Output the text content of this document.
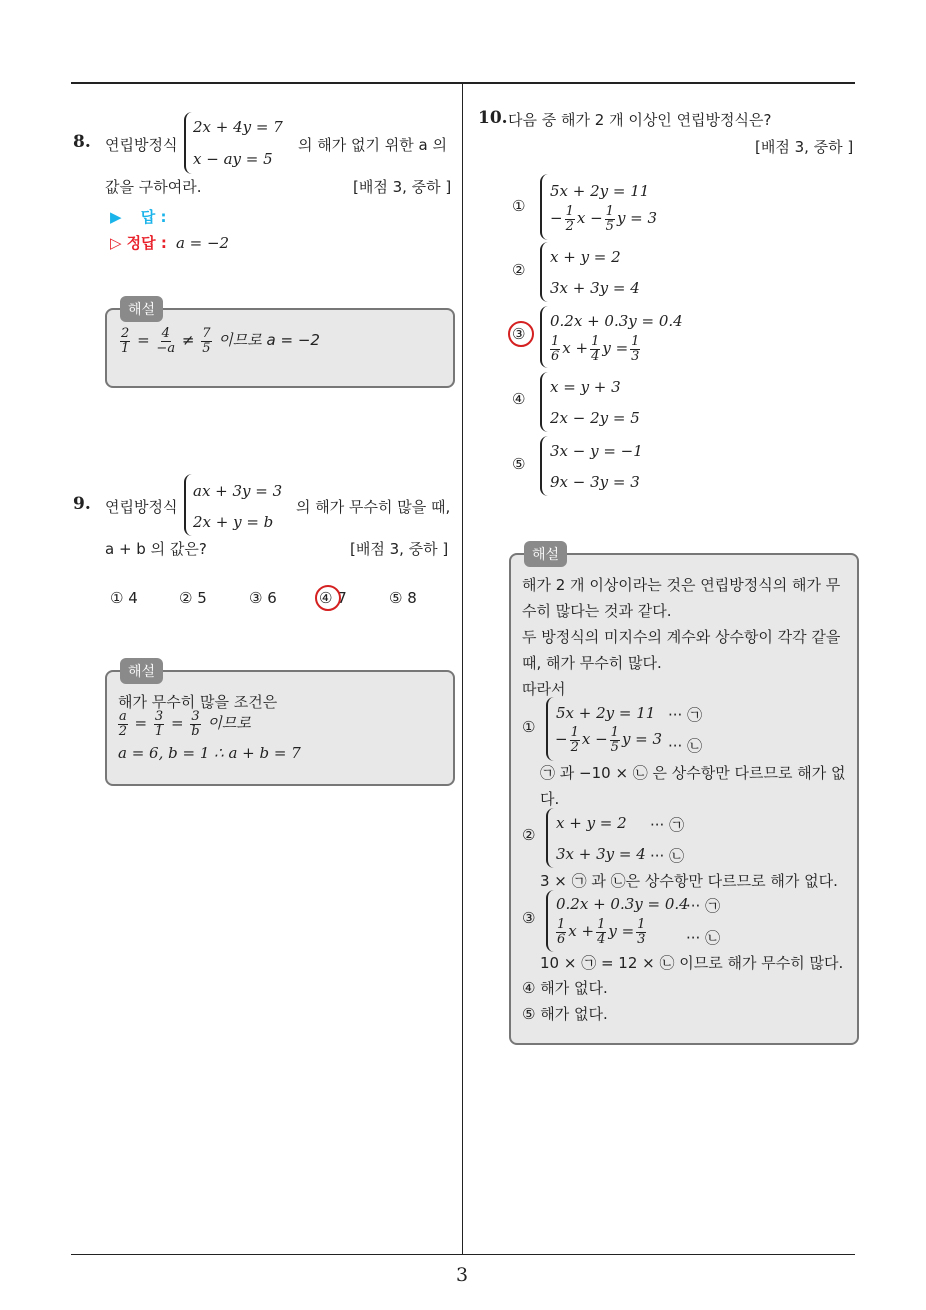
8. 연립방정식
2x + 4y = 7
x − ay = 5
의 해가 없기 위한 a 의
값을 구하여라.	[배점 3, 중하 ]
▶ 답 :
▷ 정답 : a = −2
해설
$\frac{2}{1} = \frac{4}{-a} \ne \frac{7}{5}$ 이므로 a = −2
9. 연립방정식
ax + 3y = 3
2x + y = b
의 해가 무수히 많을 때,
a + b 의 값은?	[배점 3, 중하 ]
① 4	② 5	③ 6	④ 7	⑤ 8
해설
해가 무수히 많을 조건은
$\frac{a}{2} = \frac{3}{1} = \frac{3}{b}$ 이므로
a = 6, b = 1 ∴ a + b = 7
10. 다음 중 해가 2 개 이상인 연립방정식은?
[배점 3, 중하 ]
①
5x + 2y = 11
− $\frac{1}{2}$ $x - \frac{1}{5}$ y = 3
②
x + y = 2
3x + 3y = 4
③
0.2x + 0.3y = 0.4
$\frac{1}{6}$ $x + \frac{1}{4}$ $y = \frac{1}{3}$
④
x = y + 3
2x − 2y = 5
⑤
3x − y = −1
9x − 3y = 3
해설
해가 2 개 이상이라는 것은 연립방정식의 해가 무
수히 많다는 것과 같다.
두 방정식의 미지수의 계수와 상수항이 각각 같을
때, 해가 무수히 많다.
따라서
①
5x + 2y = 11 ··· ㉠
− $\frac{1}{2}$ $x - \frac{1}{5}$ y = 3 ··· ㉡
㉠ 과 −10 × ㉡ 은 상수항만 다르므로 해가 없
다.
②
x + y = 2 ··· ㉠
3x + 3y = 4 ··· ㉡
3 × ㉠ 과 ㉡은 상수항만 다르므로 해가 없다.
③
0.2x + 0.3y = 0.4
··· ㉠
$\frac{1}{6}$ $x + \frac{1}{4}$ $y = \frac{1}{3}$	··· ㉡
10 × ㉠ = 12 × ㉡ 이므로 해가 무수히 많다.
④ 해가 없다.
⑤ 해가 없다.
3
